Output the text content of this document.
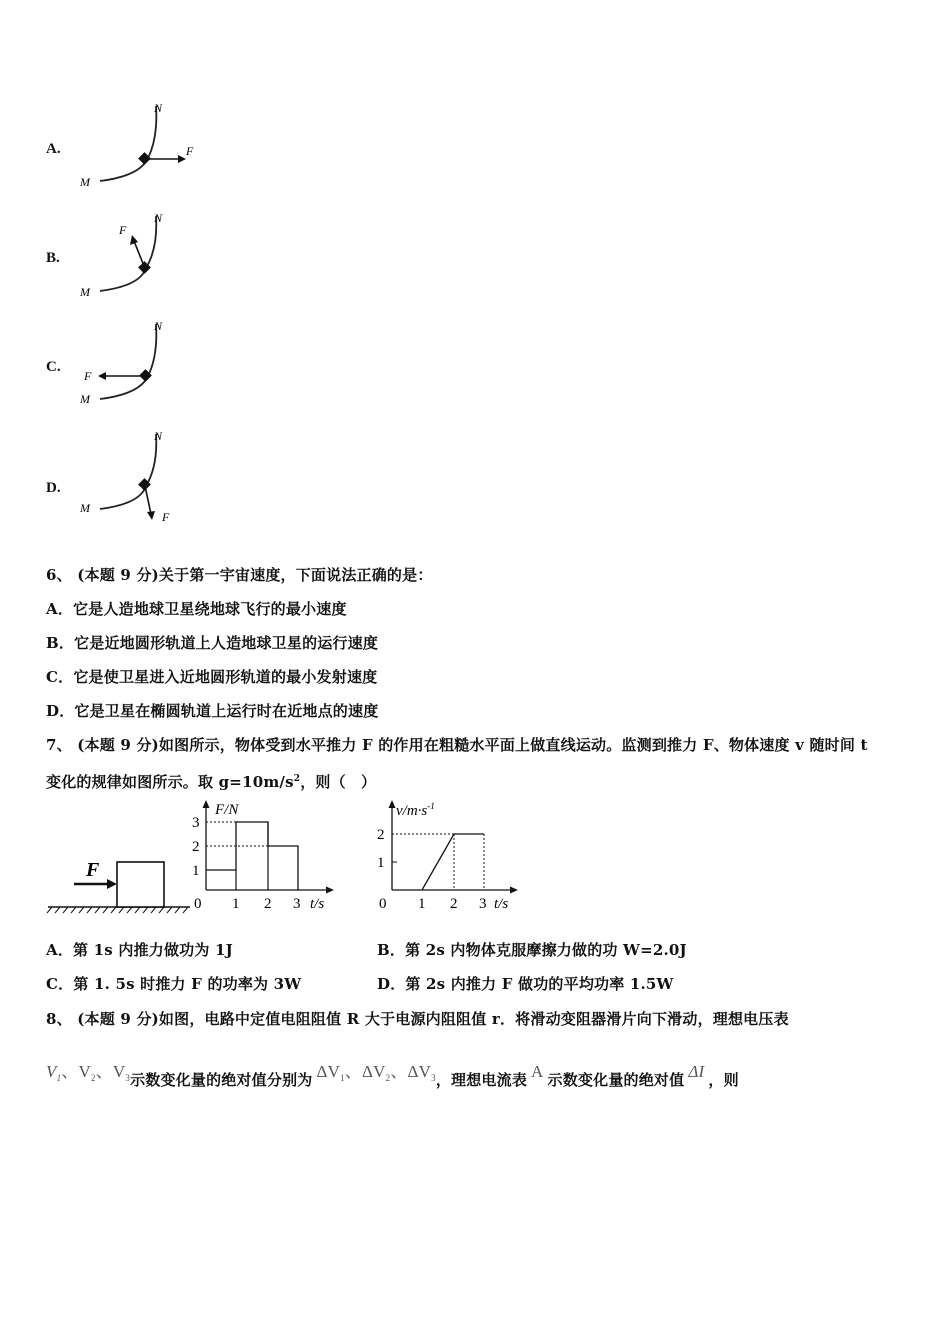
A.
N
M
F
B.
N
M
F
C.
N
M
F
D.
N
M
F
6、 (本题 9 分)关于第一宇宙速度，下面说法正确的是：
A．它是人造地球卫星绕地球飞行的最小速度
B．它是近地圆形轨道上人造地球卫星的运行速度
C．它是使卫星进入近地圆形轨道的最小发射速度
D．它是卫星在椭圆轨道上运行时在近地点的速度
7、 (本题 9 分)如图所示，物体受到水平推力 F 的作用在粗糙水平面上做直线运动。监测到推力 F、物体速度 v 随时间 t
变化的规律如图所示。取 $g=10m/s^2$，则（　）
F
F/N
1
2
3
0 1 2 3 t/s
$v/m\cdot s^{-1}$
1
2
0 1 2 3 t/s
A．第 1s 内推力做功为 1J	B．第 2s 内物体克服摩擦力做的功 W=2.0J
C．第 1. 5s 时推力 F 的功率为 3W	D．第 2s 内推力 F 做功的平均功率 1.5W
8、 (本题 9 分)如图，电路中定值电阻阻值 R 大于电源内阻阻值 r．将滑动变阻器滑片向下滑动，理想电压表
$V_1$、$V_2$、$V_3$示数变化量的绝对值分别为 $\Delta V_1$、$\Delta V_2$、$\Delta V_3$，理想电流表 A 示数变化量的绝对值 ΔI ，则
